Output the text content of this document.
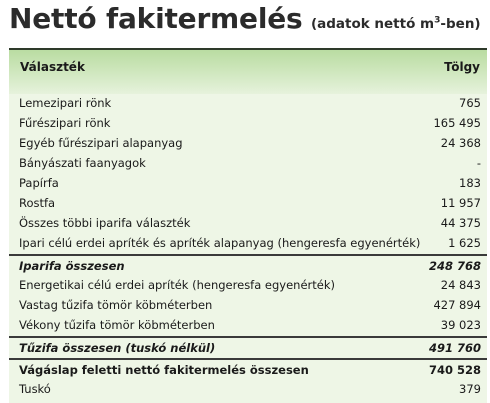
Nettó fakitermelés (adatok nettó $m^3-ben$)
Választék	Tölgy
Lemezipari rönk	765
Fűrészipari rönk	165 495
Egyéb fűrészipari alapanyag	24 368
Bányászati faanyagok	-
Papírfa	183
Rostfa	11 957
Összes többi iparifa választék	44 375
Ipari célú erdei apríték és apríték alapanyag (hengeresfa egyenérték) 1 625
Iparifa összesen	248 768
Energetikai célú erdei apríték (hengeresfa egyenérték)	24 843
Vastag tűzifa tömör köbméterben	427 894
Vékony tűzifa tömör köbméterben	39 023
Tűzifa összesen (tuskó nélkül)	491 760
Vágáslap feletti nettó fakitermelés összesen	740 528
Tuskó	379
